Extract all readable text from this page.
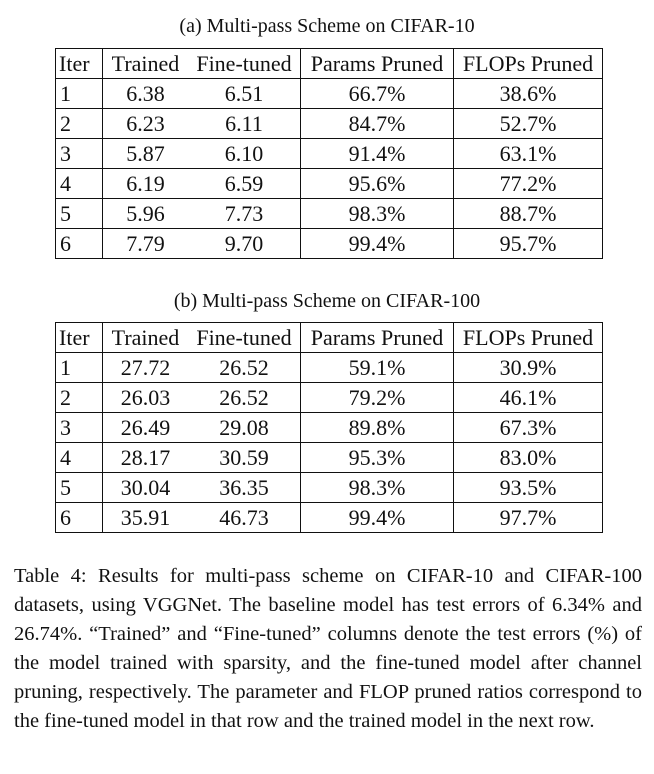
(a) Multi-pass Scheme on CIFAR-10
Iter	Trained	Fine-tuned	Params Pruned	FLOPs Pruned
1	6.38	6.51	66.7%	38.6%
2	6.23	6.11	84.7%	52.7%
3	5.87	6.10	91.4%	63.1%
4	6.19	6.59	95.6%	77.2%
5	5.96	7.73	98.3%	88.7%
6	7.79	9.70	99.4%	95.7%
(b) Multi-pass Scheme on CIFAR-100
Iter	Trained	Fine-tuned	Params Pruned	FLOPs Pruned
1	27.72	26.52	59.1%	30.9%
2	26.03	26.52	79.2%	46.1%
3	26.49	29.08	89.8%	67.3%
4	28.17	30.59	95.3%	83.0%
5	30.04	36.35	98.3%	93.5%
6	35.91	46.73	99.4%	97.7%
Table 4: Results for multi-pass scheme on CIFAR-10 and CIFAR-100 datasets, using VGGNet. The baseline model has test errors of 6.34% and 26.74%. “Trained” and “Fine-tuned” columns denote the test errors (%) of the model trained with sparsity, and the fine-tuned model after channel pruning, respectively. The parameter and FLOP pruned ratios correspond to the fine-tuned model in that row and the trained model in the next row.
